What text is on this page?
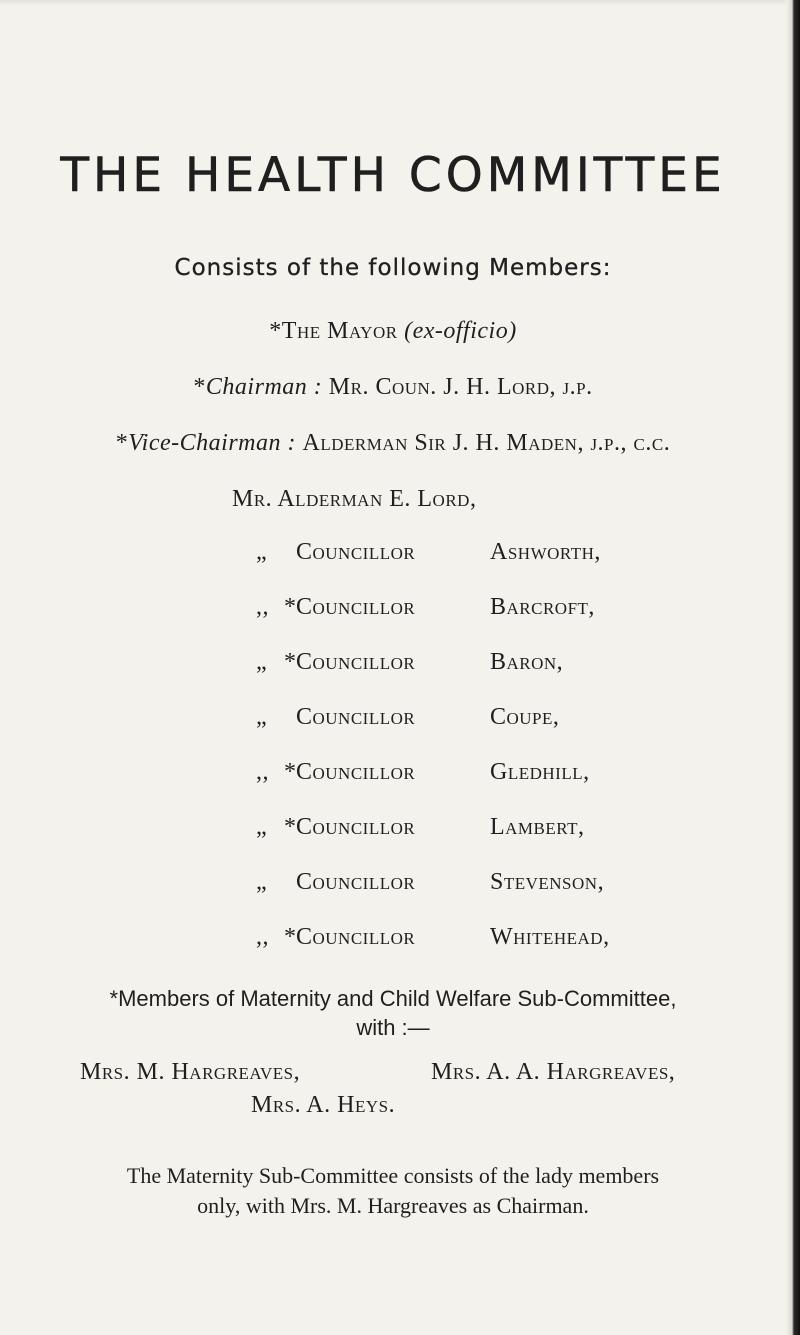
THE HEALTH COMMITTEE
Consists of the following Members:
*The Mayor (ex-officio)
*Chairman : Mr. Coun. J. H. Lord, j.p.
*Vice-Chairman : Alderman Sir J. H. Maden, j.p., c.c.
Mr. Alderman E. Lord,
„ Councillor	Ashworth,
,, *Councillor	Barcroft,
„ *Councillor	Baron,
„ Councillor	Coupe,
,, *Councillor	Gledhill,
„ *Councillor	Lambert,
„ Councillor	Stevenson,
,, *Councillor	Whitehead,
*Members of Maternity and Child Welfare Sub-Committee,
with :—
Mrs. M. Hargreaves,	Mrs. A. A. Hargreaves,
Mrs. A. Heys.
The Maternity Sub-Committee consists of the lady members
only, with Mrs. M. Hargreaves as Chairman.
